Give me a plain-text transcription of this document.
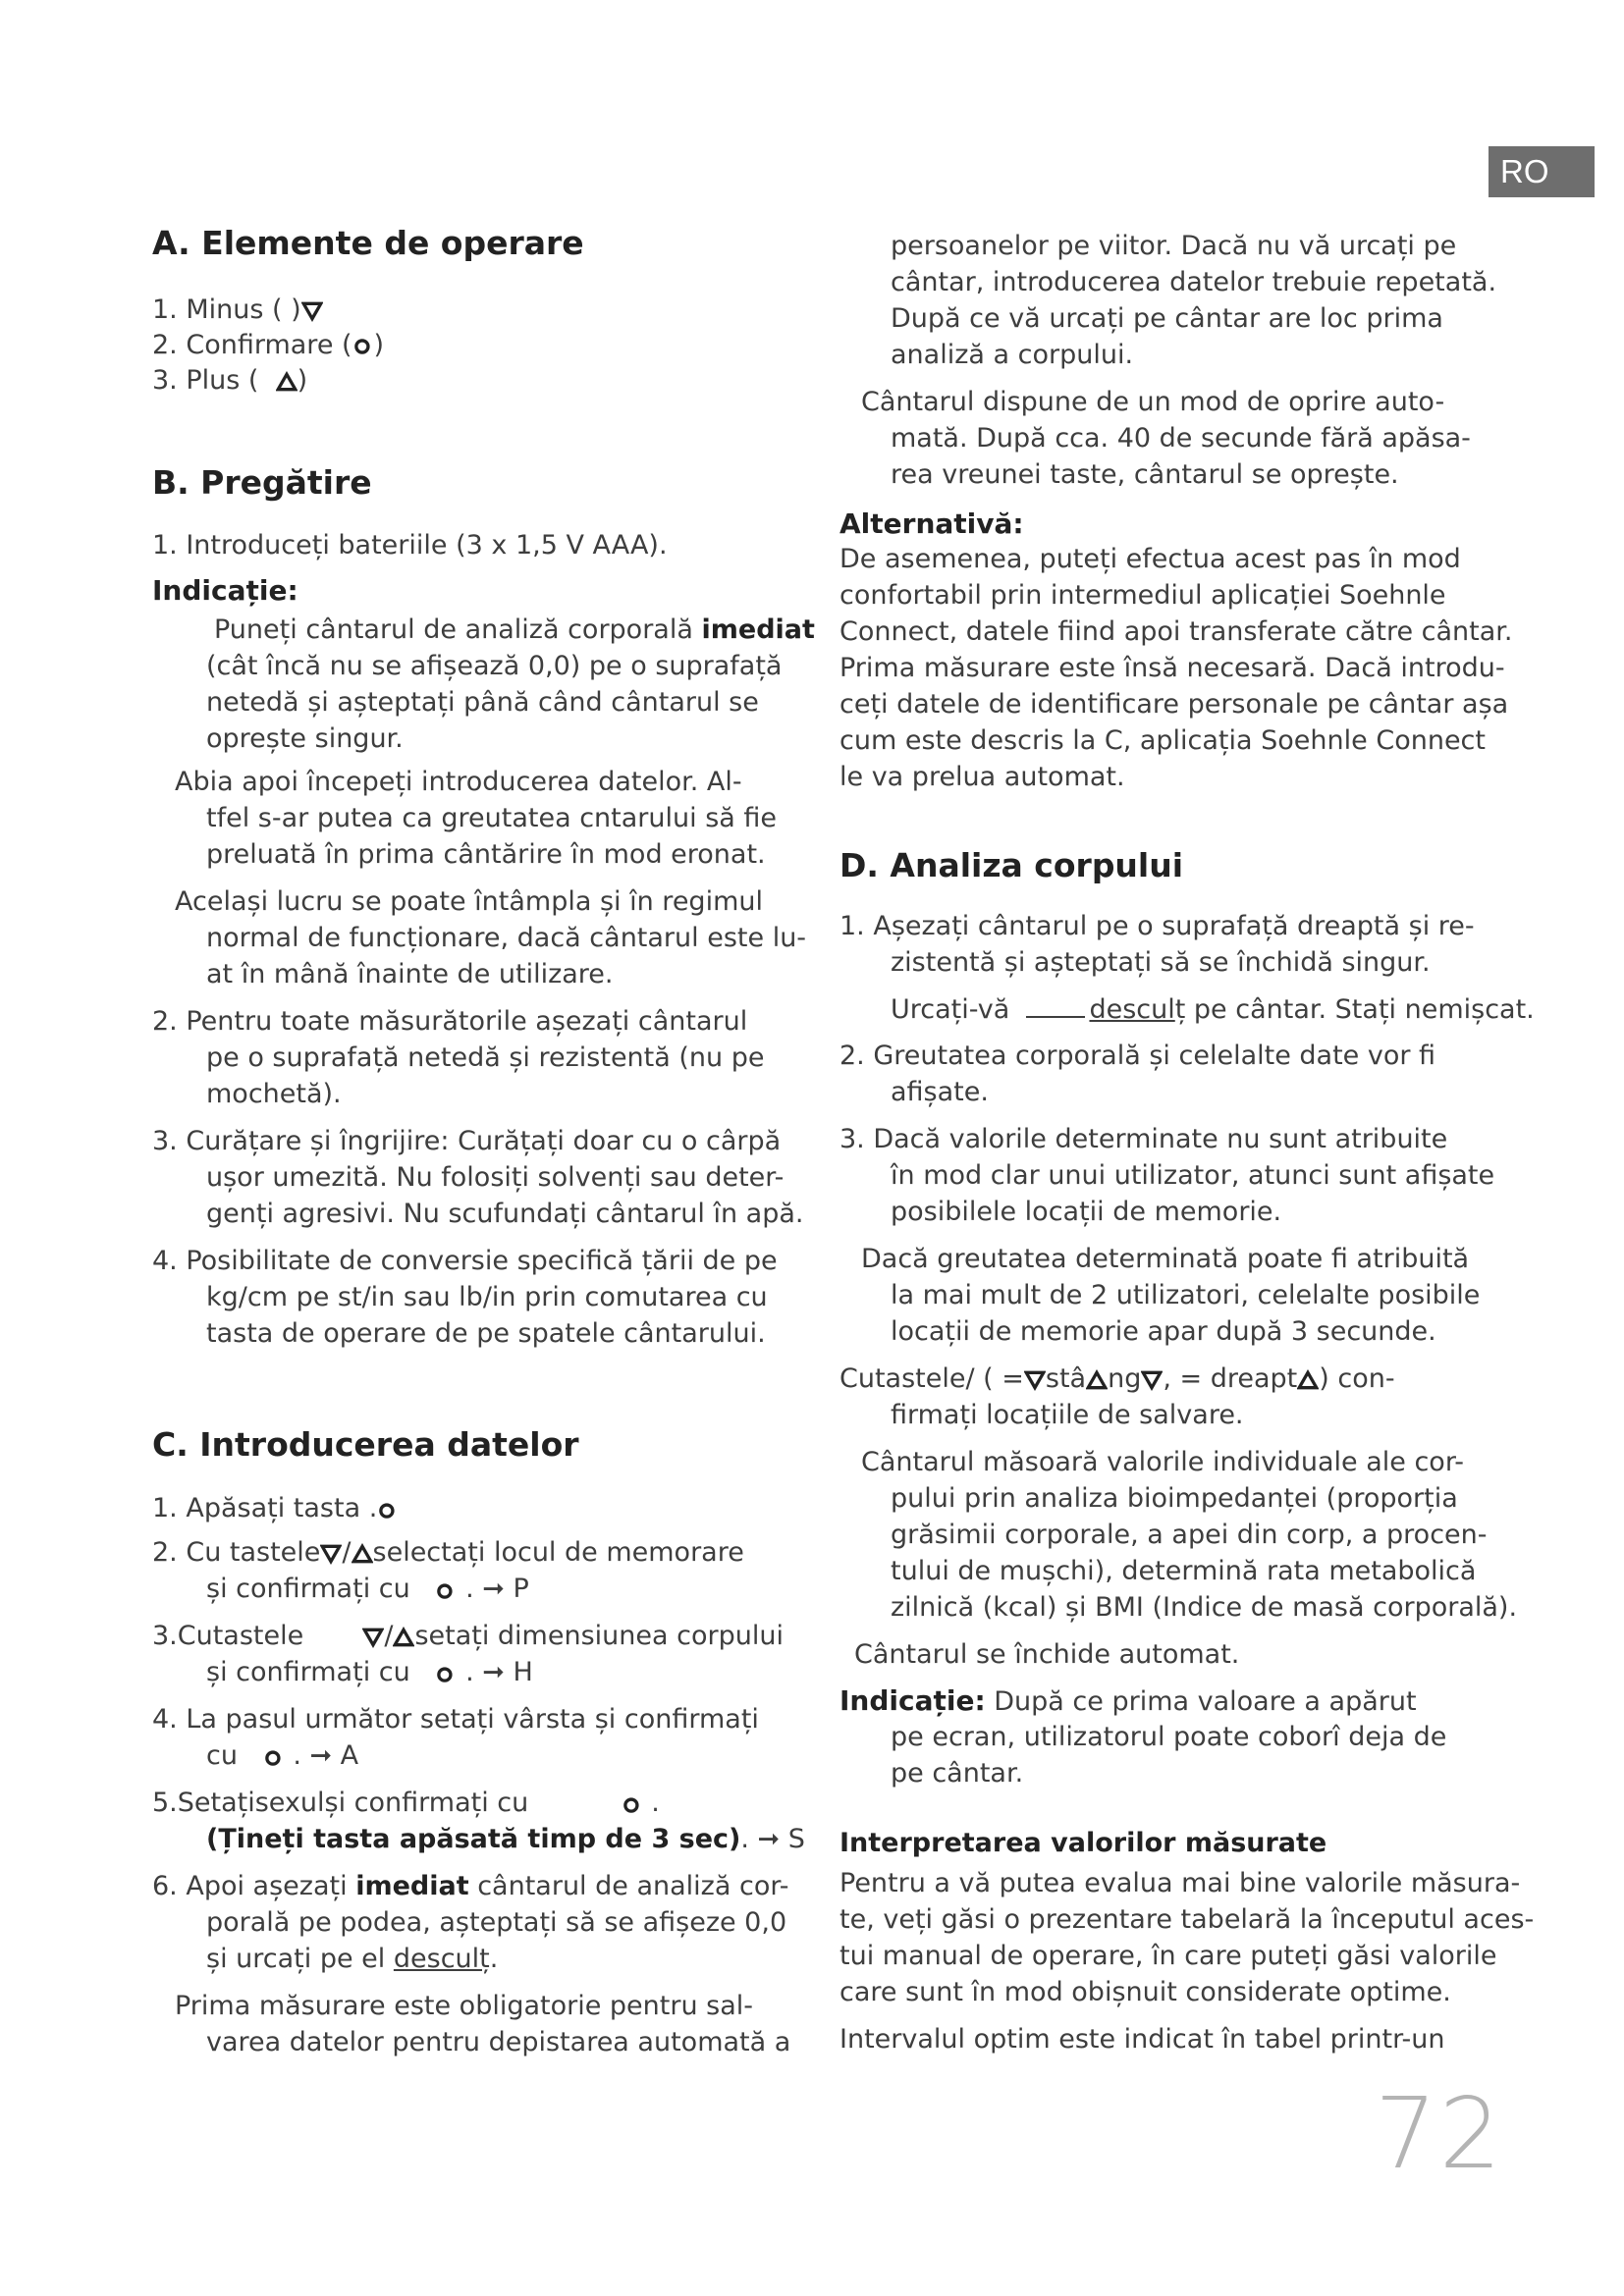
RO
A. Elemente de operare
1. Minus ( )
2. Confirmare ( )
3. Plus ( )
B. Pregătire
1. Introduceți bateriile (3 x 1,5 V AAA).
Indicație:
Puneți cântarul de analiză corporală imediat
(cât încă nu se afișează 0,0) pe o suprafață
netedă și așteptați până când cântarul se
oprește singur.
Abia apoi începeți introducerea datelor. Al-
tfel s-ar putea ca greutatea cntarului să fie
preluată în prima cântărire în mod eronat.
Același lucru se poate întâmpla și în regimul
normal de funcționare, dacă cântarul este lu-
at în mână înainte de utilizare.
2. Pentru toate măsurătorile așezați cântarul
pe o suprafață netedă și rezistentă (nu pe
mochetă).
3. Curățare și îngrijire: Curățați doar cu o cârpă
ușor umezită. Nu folosiți solvenți sau deter-
genți agresivi. Nu scufundați cântarul în apă.
4. Posibilitate de conversie specifică țării de pe
kg/cm pe st/in sau lb/in prin comutarea cu
tasta de operare de pe spatele cântarului.
C. Introducerea datelor
1. Apăsați tasta .
2. Cu tastele / selectați locul de memorare
și confirmați cu . ➞ P
3.Cutastele	/ setați dimensiunea corpului
și confirmați cu . ➞ H
4. La pasul următor setați vârsta și confirmați
cu . ➞ A
5.Setațisexulși confirmați cu	.
(Țineți tasta apăsată timp de 3 sec). ➞ S
6. Apoi așezați imediat cântarul de analiză cor-
porală pe podea, așteptați să se afișeze 0,0
și urcați pe el desculț.
Prima măsurare este obligatorie pentru sal-
varea datelor pentru depistarea automată a
persoanelor pe viitor. Dacă nu vă urcați pe
cântar, introducerea datelor trebuie repetată.
După ce vă urcați pe cântar are loc prima
analiză a corpului.
Cântarul dispune de un mod de oprire auto-
mată. După cca. 40 de secunde fără apăsa-
rea vreunei taste, cântarul se oprește.
Alternativă:
De asemenea, puteți efectua acest pas în mod
confortabil prin intermediul aplicației Soehnle
Connect, datele fiind apoi transferate către cântar.
Prima măsurare este însă necesară. Dacă introdu-
ceți datele de identificare personale pe cântar așa
cum este descris la C, aplicația Soehnle Connect
le va prelua automat.
D. Analiza corpului
1. Așezați cântarul pe o suprafață dreaptă și re-
zistentă și așteptați să se închidă singur.
Urcați-vă	desculț pe cântar. Stați nemișcat.
2. Greutatea corporală și celelalte date vor fi
afișate.
3. Dacă valorile determinate nu sunt atribuite
în mod clar unui utilizator, atunci sunt afișate
posibilele locații de memorie.
Dacă greutatea determinată poate fi atribuită
la mai mult de 2 utilizatori, celelalte posibile
locații de memorie apar după 3 secunde.
Cutastele/ ( = stâ ng , = dreapt ) con-
firmați locațiile de salvare.
Cântarul măsoară valorile individuale ale cor-
pului prin analiza bioimpedanței (proporția
grăsimii corporale, a apei din corp, a procen-
tului de mușchi), determină rata metabolică
zilnică (kcal) și BMI (Indice de masă corporală).
Cântarul se închide automat.
Indicație: După ce prima valoare a apărut
pe ecran, utilizatorul poate coborî deja de
pe cântar.
Interpretarea valorilor măsurate
Pentru a vă putea evalua mai bine valorile măsura-
te, veți găsi o prezentare tabelară la începutul aces-
tui manual de operare, în care puteți găsi valorile
care sunt în mod obișnuit considerate optime.
Intervalul optim este indicat în tabel printr-un
72
